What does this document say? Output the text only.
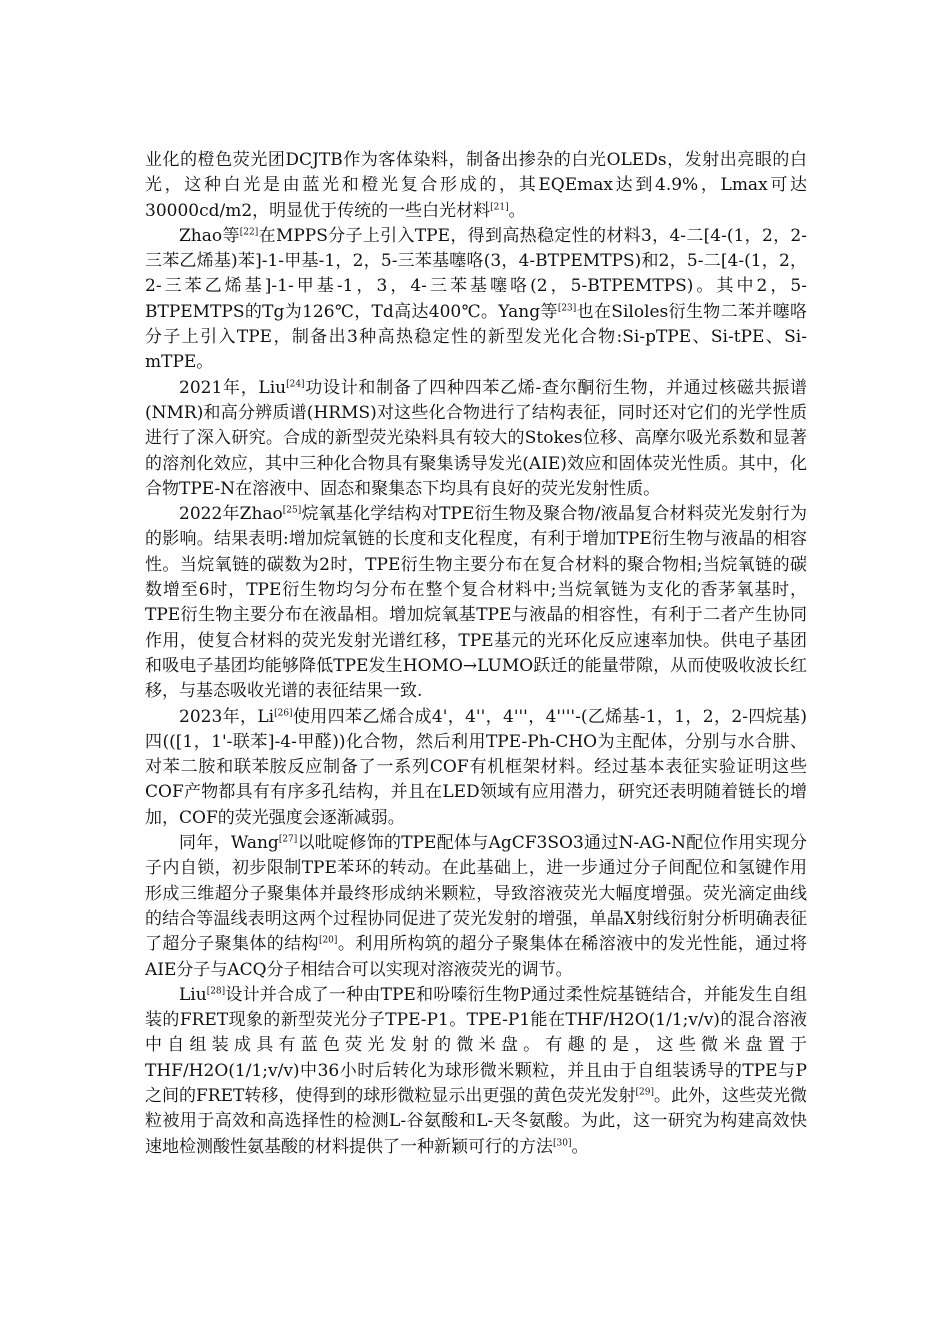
业化的橙色荧光团DCJTB作为客体染料，制备出掺杂的白光OLEDs，发射出亮眼的白光，这种白光是由蓝光和橙光复合形成的，其EQEmax达到4.9%，Lmax可达30000cd/m2，明显优于传统的一些白光材料[21]。

Zhao等[22]在MPPS分子上引入TPE，得到高热稳定性的材料3，4-二[4-(1，2，2-三苯乙烯基)苯]-1-甲基-1，2，5-三苯基噻咯(3，4-BTPEMTPS)和2，5-二[4-(1，2，2-三苯乙烯基]-1-甲基-1，3，4-三苯基噻咯(2，5-BTPEMTPS)。其中2，5-BTPEMTPS的Tg为126℃，Td高达400℃。Yang等[23]也在Siloles衍生物二苯并噻咯分子上引入TPE，制备出3种高热稳定性的新型发光化合物:Si-pTPE、Si-tPE、Si-mTPE。

2021年，Liu[24]功设计和制备了四种四苯乙烯-查尔酮衍生物，并通过核磁共振谱(NMR)和高分辨质谱(HRMS)对这些化合物进行了结构表征，同时还对它们的光学性质进行了深入研究。合成的新型荧光染料具有较大的Stokes位移、高摩尔吸光系数和显著的溶剂化效应，其中三种化合物具有聚集诱导发光(AIE)效应和固体荧光性质。其中，化合物TPE-N在溶液中、固态和聚集态下均具有良好的荧光发射性质。

2022年Zhao[25]烷氧基化学结构对TPE衍生物及聚合物/液晶复合材料荧光发射行为的影响。结果表明:增加烷氧链的长度和支化程度，有利于增加TPE衍生物与液晶的相容性。当烷氧链的碳数为2时，TPE衍生物主要分布在复合材料的聚合物相;当烷氧链的碳数增至6时，TPE衍生物均匀分布在整个复合材料中;当烷氧链为支化的香茅氧基时，TPE衍生物主要分布在液晶相。增加烷氧基TPE与液晶的相容性，有利于二者产生协同作用，使复合材料的荧光发射光谱红移，TPE基元的光环化反应速率加快。供电子基团和吸电子基团均能够降低TPE发生HOMO→LUMO跃迁的能量带隙，从而使吸收波长红移，与基态吸收光谱的表征结果一致.

2023年，Li[26]使用四苯乙烯合成4'，4''，4'''，4''''-(乙烯基-1，1，2，2-四烷基)四(([1，1'-联苯]-4-甲醛))化合物，然后利用TPE-Ph-CHO为主配体，分别与水合肼、对苯二胺和联苯胺反应制备了一系列COF有机框架材料。经过基本表征实验证明这些COF产物都具有有序多孔结构，并且在LED领域有应用潜力，研究还表明随着链长的增加，COF的荧光强度会逐渐减弱。

同年，Wang[27]以吡啶修饰的TPE配体与AgCF3SO3通过N-AG-N配位作用实现分子内自锁，初步限制TPE苯环的转动。在此基础上，进一步通过分子间配位和氢键作用形成三维超分子聚集体并最终形成纳米颗粒，导致溶液荧光大幅度增强。荧光滴定曲线的结合等温线表明这两个过程协同促进了荧光发射的增强，单晶X射线衍射分析明确表征了超分子聚集体的结构[20]。利用所构筑的超分子聚集体在稀溶液中的发光性能，通过将AIE分子与ACQ分子相结合可以实现对溶液荧光的调节。

Liu[28]设计并合成了一种由TPE和吩嗪衍生物P通过柔性烷基链结合，并能发生自组装的FRET现象的新型荧光分子TPE-P1。TPE-P1能在THF/H2O(1/1;v/v)的混合溶液中自组装成具有蓝色荧光发射的微米盘。有趣的是，这些微米盘置于THF/H2O(1/1;v/v)中36小时后转化为球形微米颗粒，并且由于自组装诱导的TPE与P之间的FRET转移，使得到的球形微粒显示出更强的黄色荧光发射[29]。此外，这些荧光微粒被用于高效和高选择性的检测L-谷氨酸和L-天冬氨酸。为此，这一研究为构建高效快速地检测酸性氨基酸的材料提供了一种新颖可行的方法[30]。
